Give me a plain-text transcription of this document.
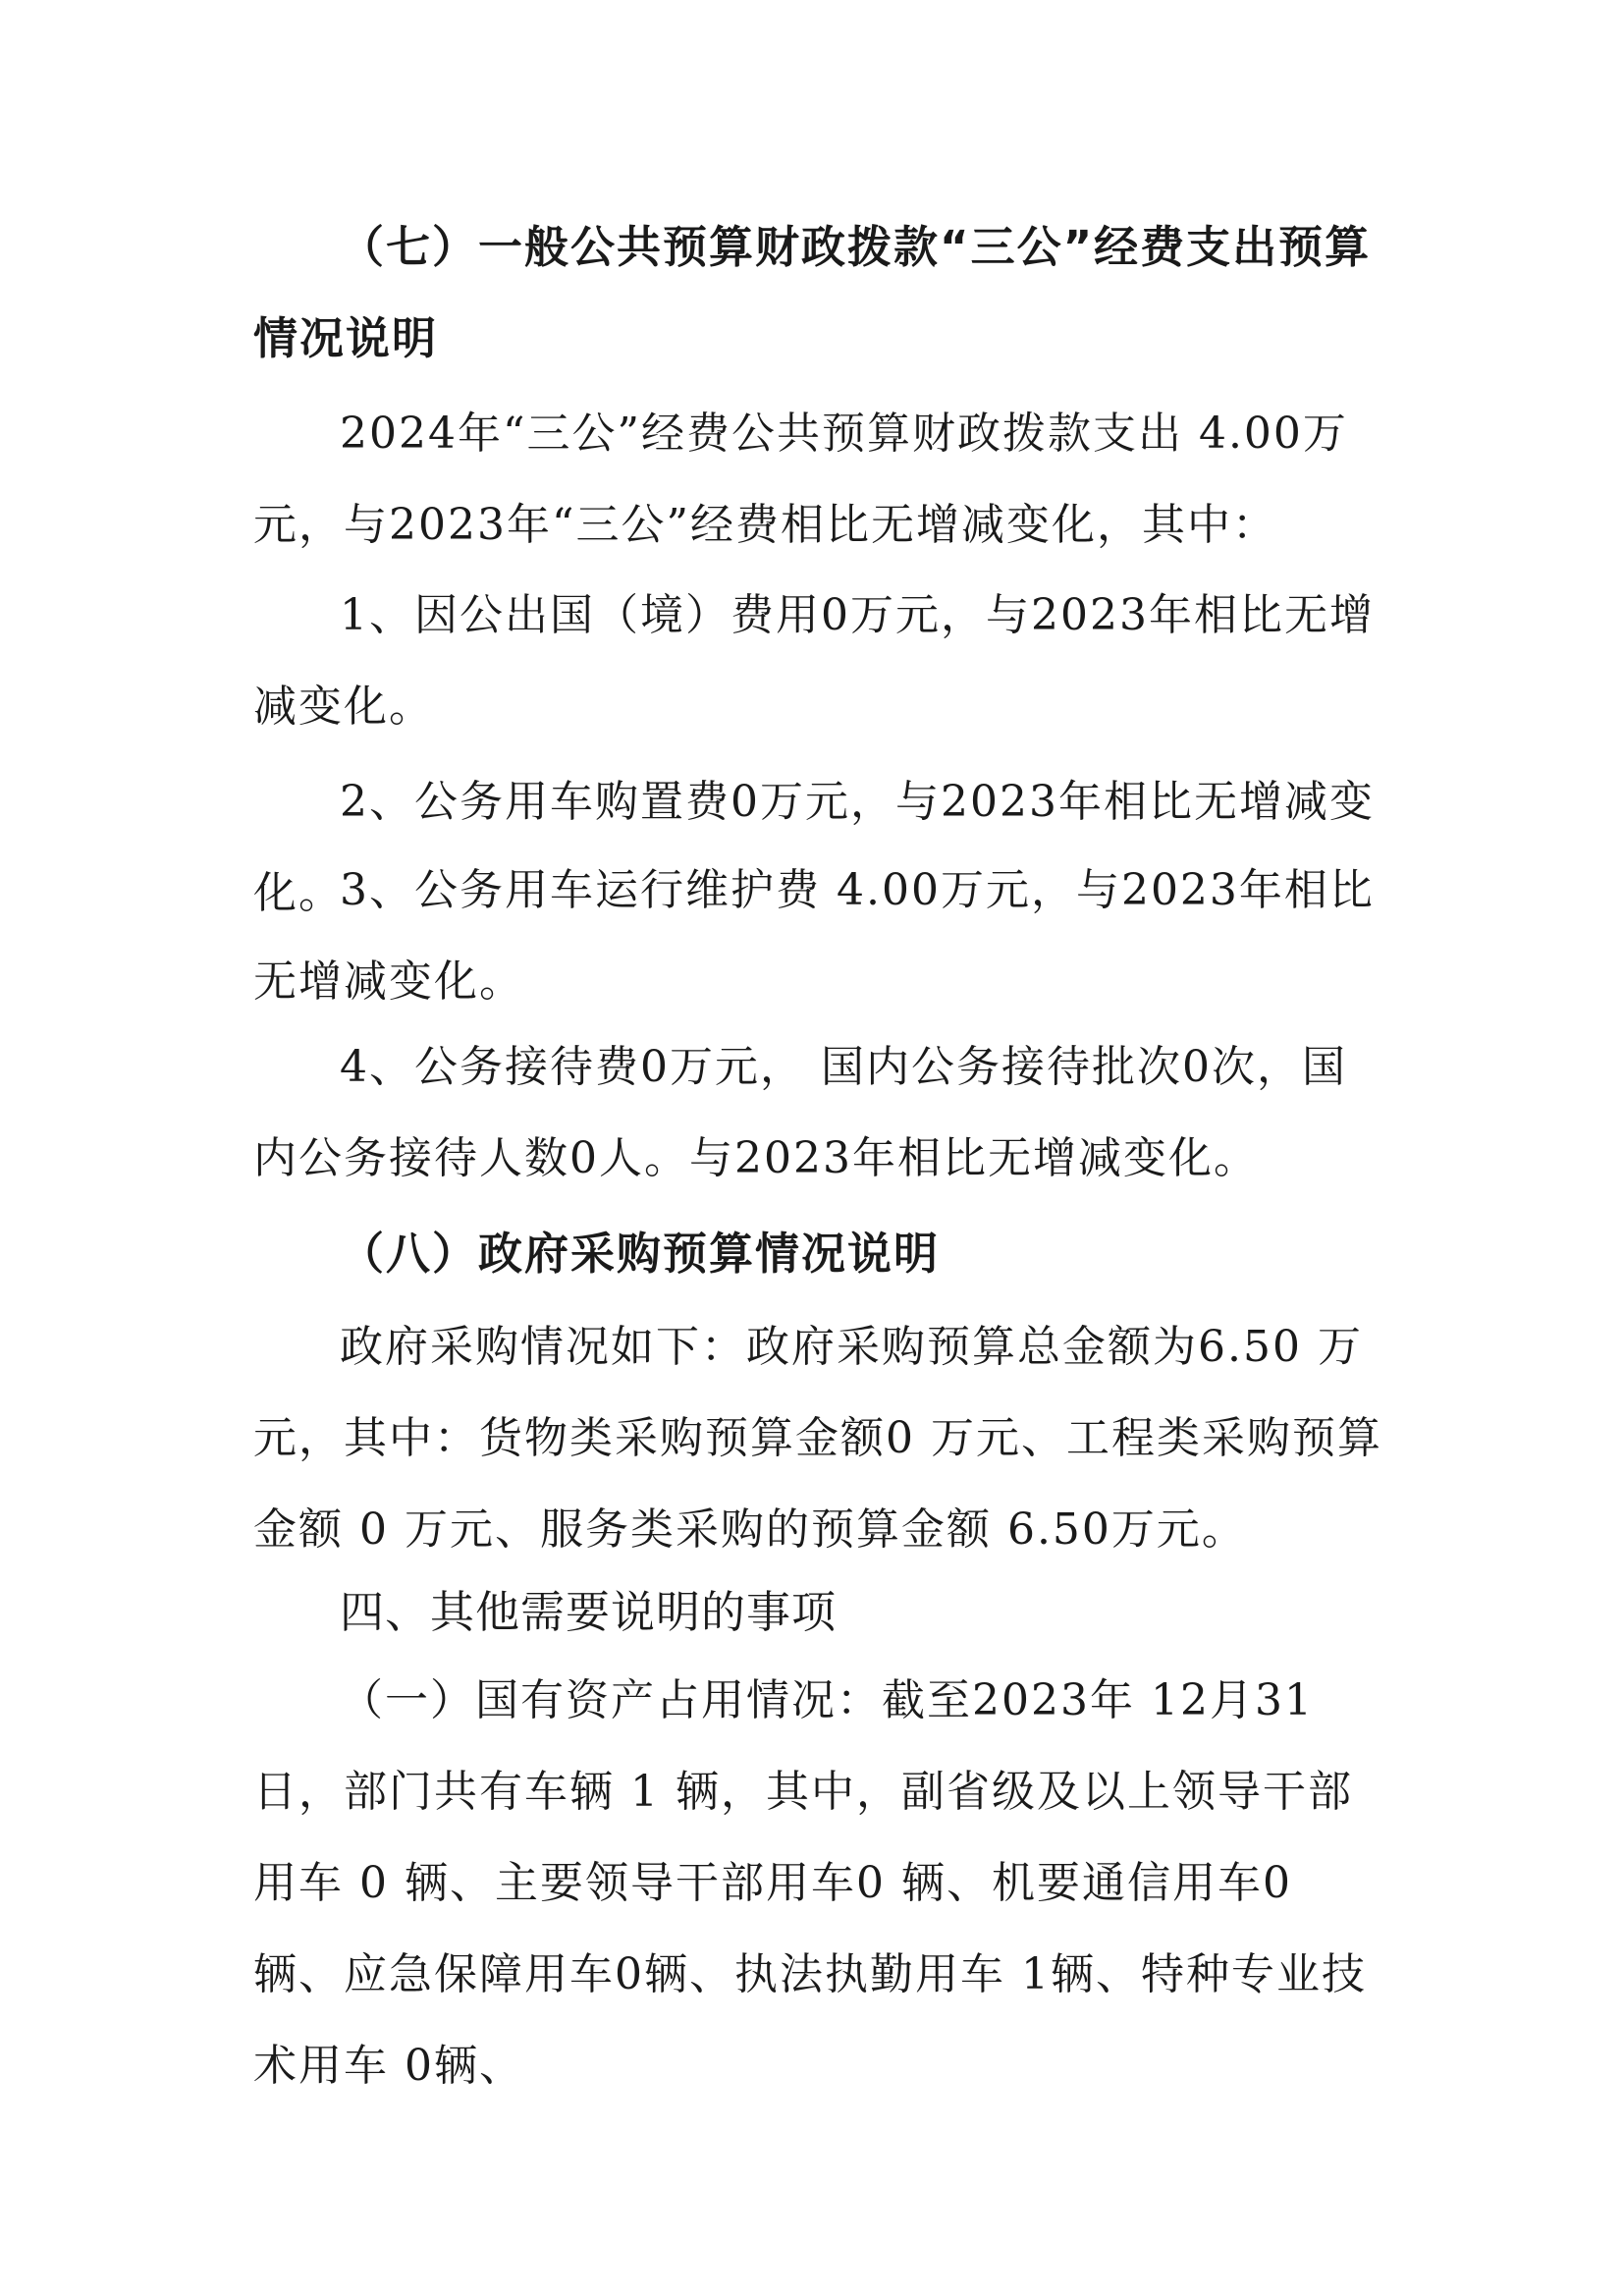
（七）一般公共预算财政拨款“三公”经费支出预算情况说明

2024年“三公”经费公共预算财政拨款支出 4.00万元，与2023年“三公”经费相比无增减变化，其中：

1、因公出国（境）费用0万元，与2023年相比无增减变化。

2、公务用车购置费0万元，与2023年相比无增减变化。

3、公务用车运行维护费 4.00万元，与2023年相比无增减变化。

4、公务接待费0万元， 国内公务接待批次0次，国内公务接待人数0人。与2023年相比无增减变化。

（八）政府采购预算情况说明

政府采购情况如下：政府采购预算总金额为6.50 万元，其中：货物类采购预算金额0 万元、工程类采购预算金额 0 万元、服务类采购的预算金额 6.50万元。

四、其他需要说明的事项

（一）国有资产占用情况：截至2023年 12月31日，部门共有车辆 1 辆，其中，副省级及以上领导干部用车 0 辆、主要领导干部用车0 辆、机要通信用车0 辆、应急保障用车0辆、执法执勤用车 1辆、特种专业技术用车 0辆、
